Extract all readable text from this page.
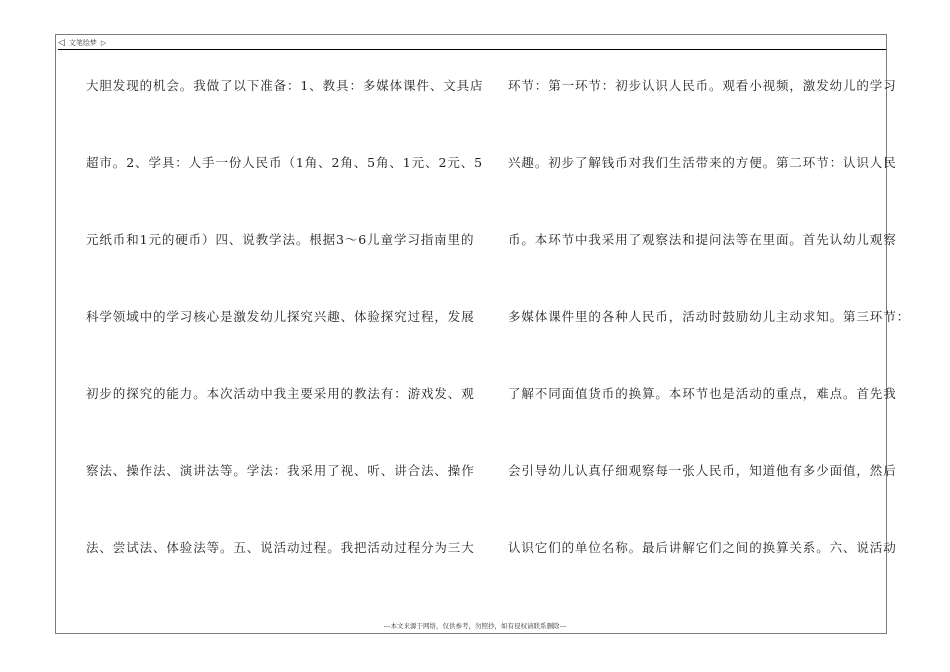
◁ 文笔绘梦 ▷
大胆发现的机会。我做了以下准备：1、教具：多媒体课件、文具店
超市。2、学具：人手一份人民币（1角、2角、5角、1元、2元、5
元纸币和1元的硬币）四、说教学法。根据3～6儿童学习指南里的
科学领域中的学习核心是激发幼儿探究兴趣、体验探究过程，发展
初步的探究的能力。本次活动中我主要采用的教法有：游戏发、观
察法、操作法、演讲法等。学法：我采用了视、听、讲合法、操作
法、尝试法、体验法等。五、说活动过程。我把活动过程分为三大
环节：第一环节：初步认识人民币。观看小视频，激发幼儿的学习
兴趣。初步了解钱币对我们生活带来的方便。第二环节：认识人民
币。本环节中我采用了观察法和提问法等在里面。首先认幼儿观察
多媒体课件里的各种人民币，活动时鼓励幼儿主动求知。第三环节：
了解不同面值货币的换算。本环节也是活动的重点，难点。首先我
会引导幼儿认真仔细观察每一张人民币，知道他有多少面值，然后
认识它们的单位名称。最后讲解它们之间的换算关系。六、说活动
---本文来源于网络，仅供参考，勿照抄，如有侵权请联系删除---
